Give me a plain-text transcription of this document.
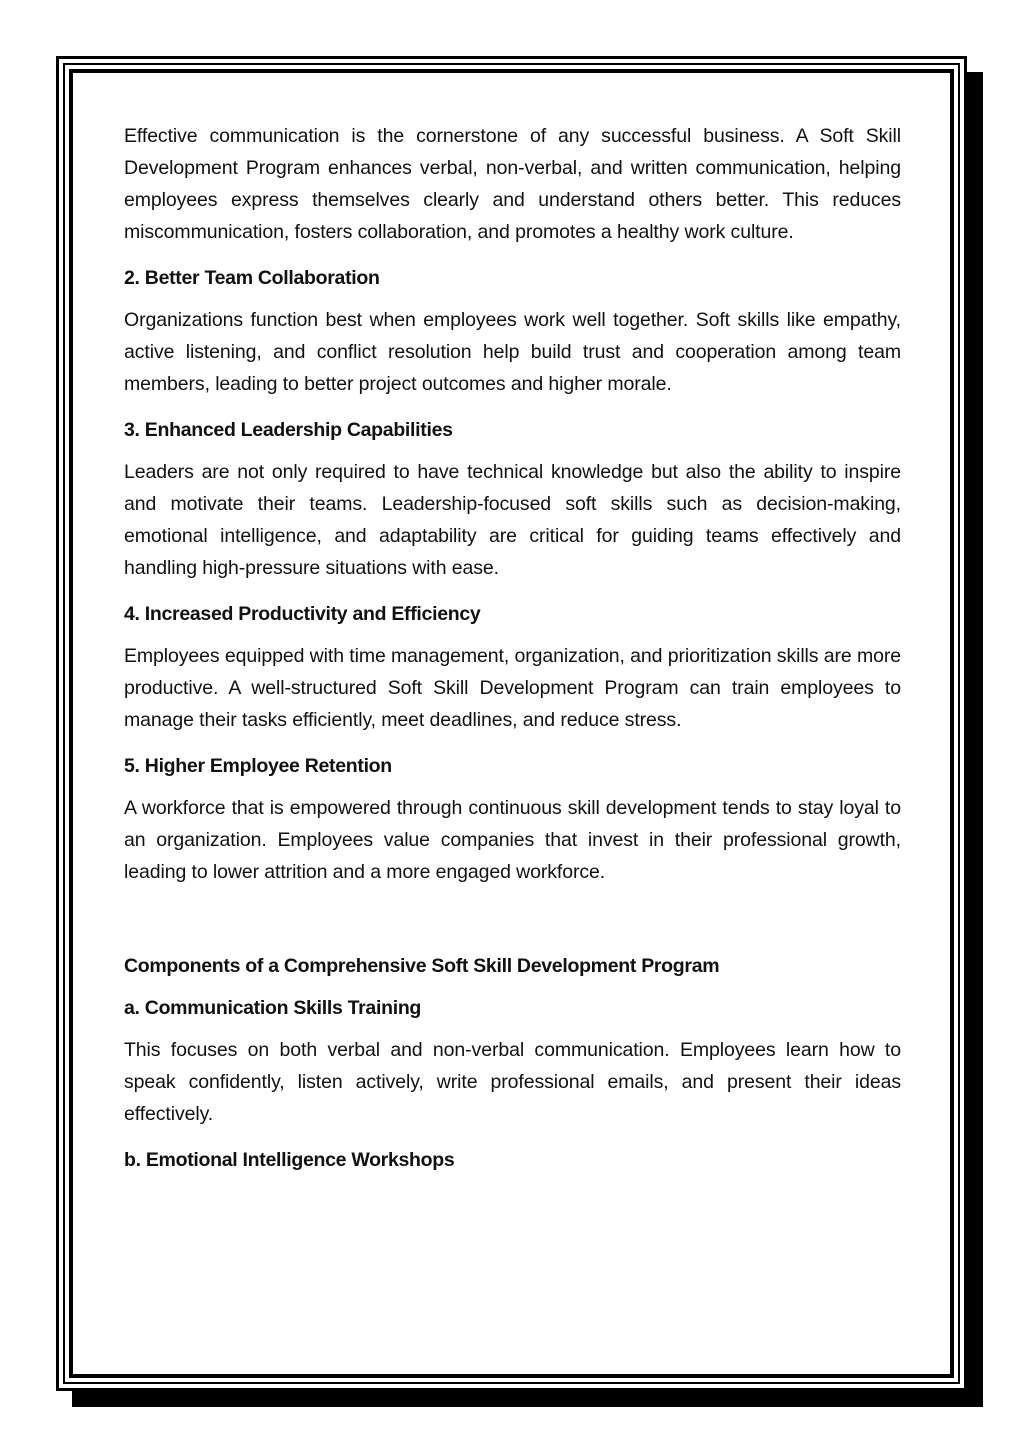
Effective communication is the cornerstone of any successful business. A Soft Skill Development Program enhances verbal, non-verbal, and written communication, helping employees express themselves clearly and understand others better. This reduces miscommunication, fosters collaboration, and promotes a healthy work culture.

2. Better Team Collaboration

Organizations function best when employees work well together. Soft skills like empathy, active listening, and conflict resolution help build trust and cooperation among team members, leading to better project outcomes and higher morale.

3. Enhanced Leadership Capabilities

Leaders are not only required to have technical knowledge but also the ability to inspire and motivate their teams. Leadership-focused soft skills such as decision-making, emotional intelligence, and adaptability are critical for guiding teams effectively and handling high-pressure situations with ease.

4. Increased Productivity and Efficiency

Employees equipped with time management, organization, and prioritization skills are more productive. A well-structured Soft Skill Development Program can train employees to manage their tasks efficiently, meet deadlines, and reduce stress.

5. Higher Employee Retention

A workforce that is empowered through continuous skill development tends to stay loyal to an organization. Employees value companies that invest in their professional growth, leading to lower attrition and a more engaged workforce.

Components of a Comprehensive Soft Skill Development Program
a. Communication Skills Training

This focuses on both verbal and non-verbal communication. Employees learn how to speak confidently, listen actively, write professional emails, and present their ideas effectively.

b. Emotional Intelligence Workshops
